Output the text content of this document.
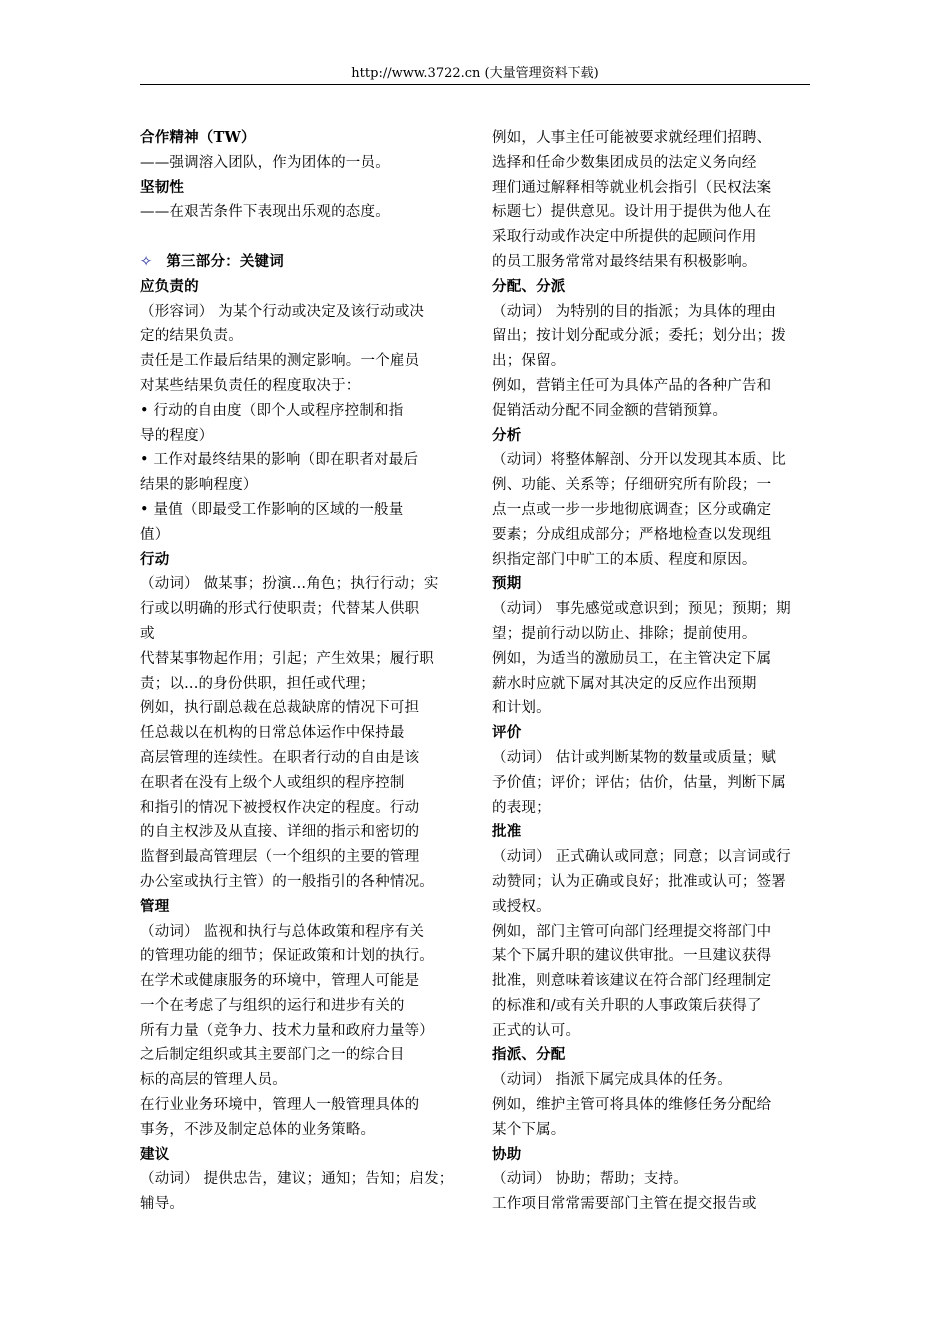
http://www.3722.cn (大量管理资料下载)

合作精神（TW）

——强调溶入团队，作为团体的一员。

坚韧性

——在艰苦条件下表现出乐观的态度。

✧ 第三部分：关键词

应负责的

（形容词） 为某个行动或决定及该行动或决

定的结果负责。

责任是工作最后结果的测定影响。一个雇员

对某些结果负责任的程度取决于：

• 行动的自由度（即个人或程序控制和指

导的程度）

• 工作对最终结果的影响（即在职者对最后

结果的影响程度）

• 量值（即最受工作影响的区域的一般量

值）

行动

（动词） 做某事；扮演...角色；执行行动；实

行或以明确的形式行使职责；代替某人供职

或

代替某事物起作用；引起；产生效果；履行职

责；以...的身份供职，担任或代理；

例如，执行副总裁在总裁缺席的情况下可担

任总裁以在机构的日常总体运作中保持最

高层管理的连续性。在职者行动的自由是该

在职者在没有上级个人或组织的程序控制

和指引的情况下被授权作决定的程度。行动

的自主权涉及从直接、详细的指示和密切的

监督到最高管理层（一个组织的主要的管理

办公室或执行主管）的一般指引的各种情况。

管理

（动词） 监视和执行与总体政策和程序有关

的管理功能的细节；保证政策和计划的执行。

在学术或健康服务的环境中，管理人可能是

一个在考虑了与组织的运行和进步有关的

所有力量（竞争力、技术力量和政府力量等）

之后制定组织或其主要部门之一的综合目

标的高层的管理人员。

在行业业务环境中，管理人一般管理具体的

事务，不涉及制定总体的业务策略。

建议

（动词） 提供忠告，建议；通知；告知；启发；

辅导。

例如，人事主任可能被要求就经理们招聘、

选择和任命少数集团成员的法定义务向经

理们通过解释相等就业机会指引（民权法案

标题七）提供意见。设计用于提供为他人在

采取行动或作决定中所提供的起顾问作用

的员工服务常常对最终结果有积极影响。

分配、分派

（动词） 为特别的目的指派；为具体的理由

留出；按计划分配或分派；委托；划分出；拨

出；保留。

例如，营销主任可为具体产品的各种广告和

促销活动分配不同金额的营销预算。

分析

（动词）将整体解剖、分开以发现其本质、比

例、功能、关系等；仔细研究所有阶段；一

点一点或一步一步地彻底调查；区分或确定

要素；分成组成部分；严格地检查以发现组

织指定部门中旷工的本质、程度和原因。

预期

（动词） 事先感觉或意识到；预见；预期；期

望；提前行动以防止、排除；提前使用。

例如，为适当的激励员工，在主管决定下属

薪水时应就下属对其决定的反应作出预期

和计划。

评价

（动词） 估计或判断某物的数量或质量；赋

予价值；评价；评估；估价，估量，判断下属

的表现；

批准

（动词） 正式确认或同意；同意；以言词或行

动赞同；认为正确或良好；批准或认可；签署

或授权。

例如，部门主管可向部门经理提交将部门中

某个下属升职的建议供审批。一旦建议获得

批准，则意味着该建议在符合部门经理制定

的标准和/或有关升职的人事政策后获得了

正式的认可。

指派、分配

（动词） 指派下属完成具体的任务。

例如，维护主管可将具体的维修任务分配给

某个下属。

协助

（动词） 协助；帮助；支持。

工作项目常常需要部门主管在提交报告或
